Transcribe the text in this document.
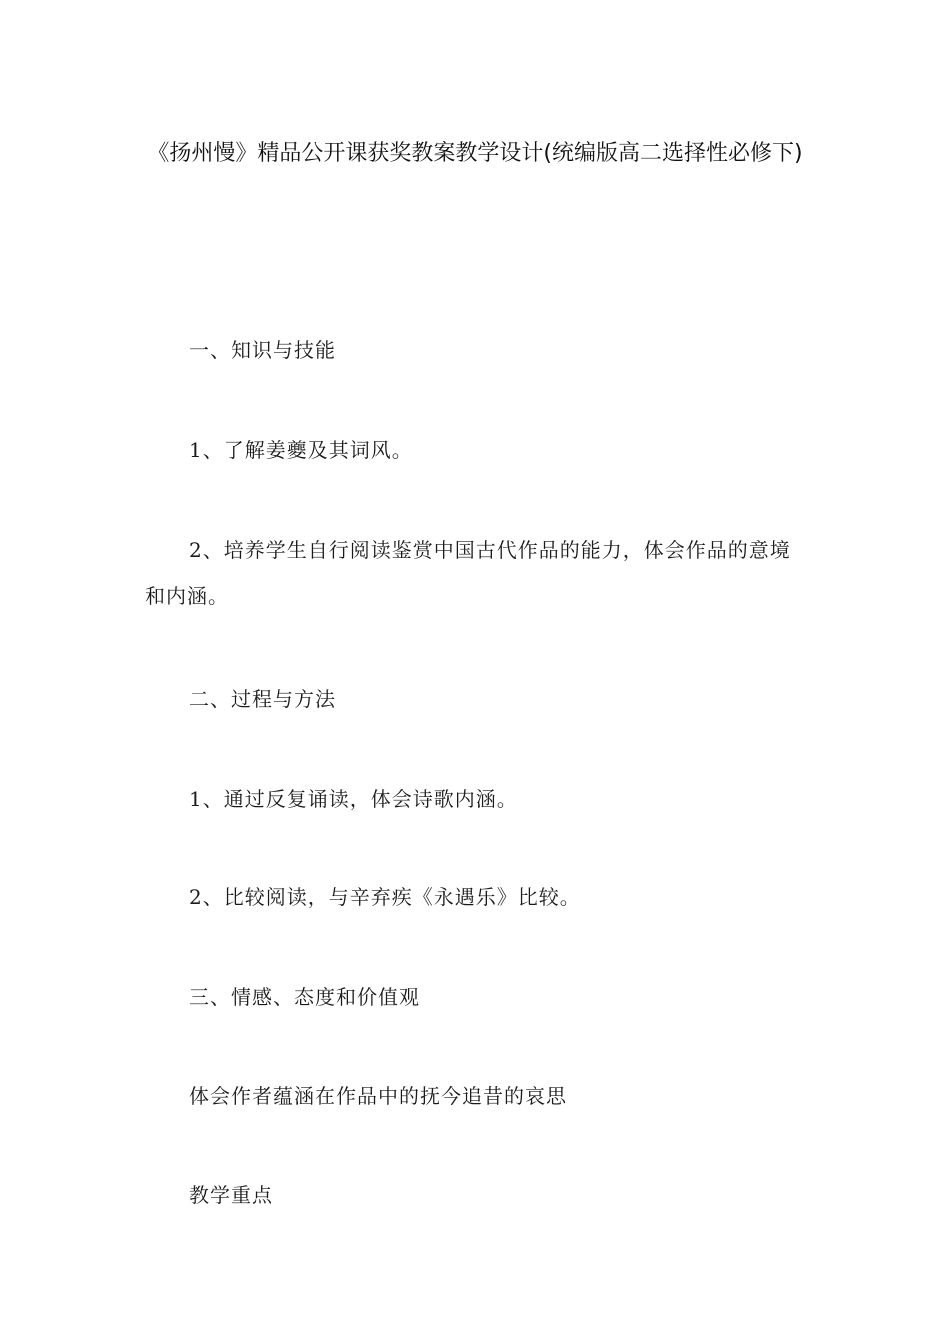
《扬州慢》精品公开课获奖教案教学设计(统编版高二选择性必修下)
一、知识与技能
1、了解姜夔及其词风。
2、培养学生自行阅读鉴赏中国古代作品的能力，体会作品的意境和内涵。
二、过程与方法
1、通过反复诵读，体会诗歌内涵。
2、比较阅读，与辛弃疾《永遇乐》比较。
三、情感、态度和价值观
体会作者蕴涵在作品中的抚今追昔的哀思
教学重点
